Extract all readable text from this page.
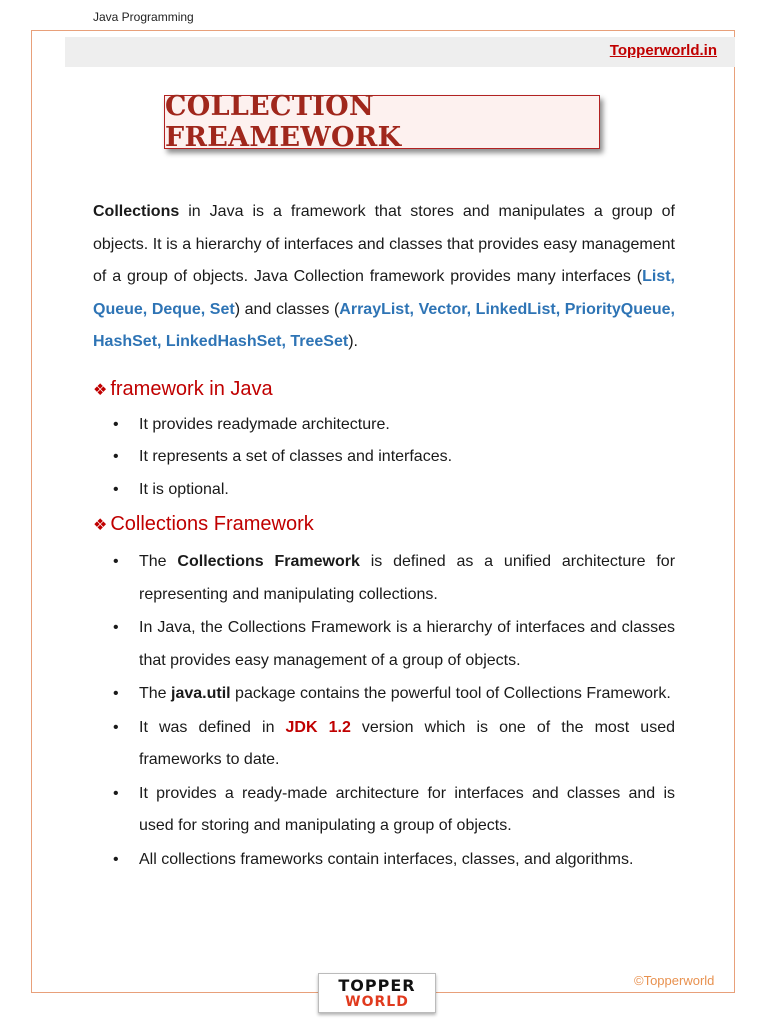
Java Programming
Topperworld.in
COLLECTION FREAMEWORK

Collections in Java is a framework that stores and manipulates a group of objects. It is a hierarchy of interfaces and classes that provides easy management of a group of objects. Java Collection framework provides many interfaces (List, Queue, Deque, Set) and classes (ArrayList, Vector, LinkedList, PriorityQueue, HashSet, LinkedHashSet, TreeSet).

❖ framework in Java
• It provides readymade architecture.
• It represents a set of classes and interfaces.
• It is optional.
❖ Collections Framework
• The Collections Framework is defined as a unified architecture for representing and manipulating collections.
• In Java, the Collections Framework is a hierarchy of interfaces and classes that provides easy management of a group of objects.
• The java.util package contains the powerful tool of Collections Framework.
• It was defined in JDK 1.2 version which is one of the most used frameworks to date.
• It provides a ready-made architecture for interfaces and classes and is used for storing and manipulating a group of objects.
• All collections frameworks contain interfaces, classes, and algorithms.
TOPPER
WORLD
©Topperworld
